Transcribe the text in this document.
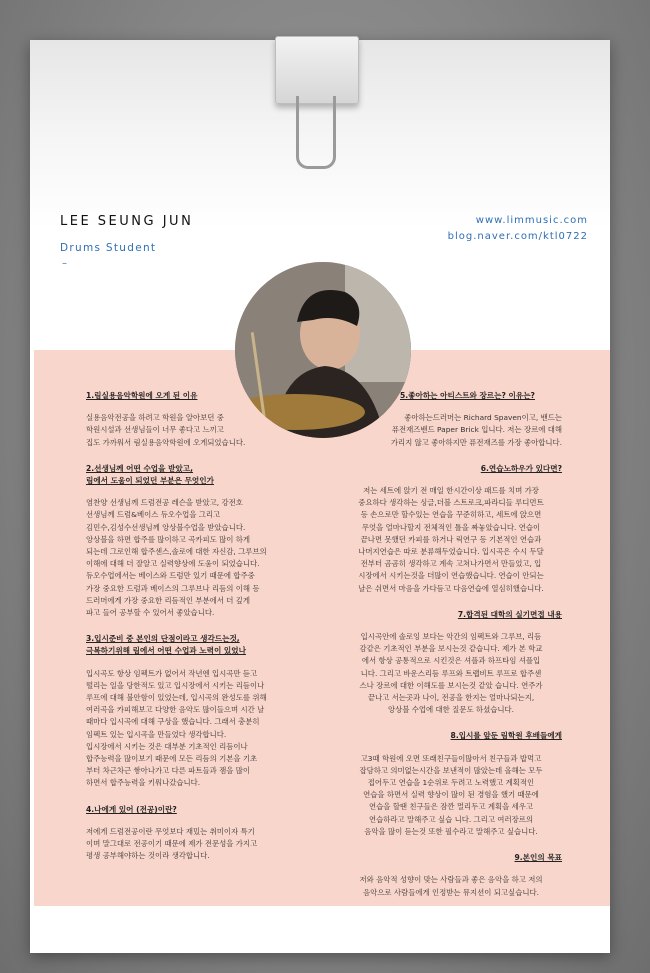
LEE SEUNG JUN
Drums Student
–
www.limmusic.com
blog.naver.com/ktl0722

1.림실용음악학원에 오게 된 이유

실용음악전공을 하려고 학원을 알아보던 중

학원시설과 선생님들이 너무 좋다고 느끼고

집도 가까워서 림실용음악학원에 오게되었습니다.

2.선생님께 어떤 수업을 받았고,
림에서 도움이 되었던 부분은 무엇인가

염찬양 선생님께 드럼전공 레슨을 받았고, 강전호

선생님께 드럼&베이스 듀오수업을 그리고

김민수,김성수선생님께 앙상블수업을 받았습니다.

앙상블을 하면 합주를 많이하고 곡카피도 많이 하게

되는데 그로인해 합주센스,솔로에 대한 자신감, 그루브의

이해에 대해 더 잘알고 실력향상에 도움이 되었습니다.

듀오수업에서는 베이스와 드럼만 있기 때문에 합주중

가장 중요한 드럼과 베이스의 그루브나 리듬의 이해 등

드러머에게 가장 중요한 리듬적인 부분에서 더 깊게

파고 들어 공부할 수 있어서 좋았습니다.

3.입시준비 중 본인의 단점이라고 생각드는것,
극복하기위해 림에서 어떤 수업과 노력이 있었나

입시곡도 항상 임펙트가 없어서 작년엔 입시곡만 듣고

떨리는 일을 당한적도 있고 입시장에서 시키는 리듬이나

루프에 대해 불안함이 있었는데, 입시곡의 완성도를 위해

여러곡을 카피해보고 다양한 음악도 많이들으며 시간 날

때마다 입시곡에 대해 구상을 했습니다. 그래서 충분히

임펙트 있는 입시곡을 만들었다 생각합니다.

입시장에서 시키는 것은 대부분 기초적인 리듬이나

합주능력을 많이보기 때문에 모든 리듬의 기본을 기초

부터 차근차근 쌓아나가고 다른 파트들과 잼을 많이

하면서 합주능력을 키워나갔습니다.

4.나에게 있어 (전공)이란?

저에게 드럼전공이란 무엇보다 재밌는 취미이자 특기

이며 말그대로 전공이기 때문에 제가 전문성을 가지고

평생 공부해야하는 것이라 생각합니다.

5.좋아하는 아티스트와 장르는? 이유는?

좋아하는드러머는 Richard Spaven이고, 밴드는

퓨전재즈밴드 Paper Brick 입니다. 저는 장르에 대해

가리지 않고 좋아하지만 퓨전재즈를 가장 좋아합니다.

6.연습노하우가 있다면?

저는 세트에 앉기 전 매일 한시간이상 패드를 치며 가장

중요하다 생각하는 싱글,더블 스트로크,파라디들 루디먼트

등 손으로만 할수있는 연습을 꾸준히하고, 세트에 앉으면

무엇을 얼마나할지 전체적인 틀을 짜놓았습니다. 연습이

끝나면 못했던 카피를 하거나 릭연구 등 기본적인 연습과

나머지연습은 따로 분류해두었습니다. 입시곡은 수시 두달

전부터 곰곰히 생각하고 계속 고쳐나가면서 만들었고, 입

시장에서 시키는것을 더많이 연습했습니다. 연습이 안되는

날은 쉬면서 마음을 가다듬고 다음연습에 열심히했습니다.

7.합격된 대학의 실기면접 내용

입시곡안에 솔로잉 보다는 악간의 임펙트와 그루브, 리듬

감같은 기초적인 부분을 보시는것 같습니다. 제가 본 학교

에서 항상 공통적으로 시킨것은 셔플과 하프타임 셔플입

니다. 그리고 바운스리듬 루프와 트랩비트 루프로 합주센

스나 장르에 대한 이해도를 보시는것 같았 습니다. 연주가

끝나고 서는곳과 나이, 전공을 한지는 얼마나되는지,

앙상블 수업에 대한 질문도 하셨습니다.

8.입시를 앞둔 림학원 후배들에게

고3때 학원에 오면 또래친구들이많아서 친구들과 밥먹고

잡담하고 의미없는시간을 보낸적이 많았는데 올해는 모두

접어두고 연습을 1순위로 두려고 노력했고 계획적인

연습을 하면서 실력 향상이 많이 된 경험을 했기 때문에

연습을 할땐 친구들은 잠깐 멀리두고 계획을 세우고

연습하라고 말해주고 싶습 니다. 그리고 여러장르의

음악을 많이 듣는것 또한 필수라고 말해주고 싶습니다.

9.본인의 목표

저와 음악적 성향이 맞는 사람들과 좋은 음악을 하고 저의

음악으로 사람들에게 인정받는 뮤지션이 되고싶습니다.
